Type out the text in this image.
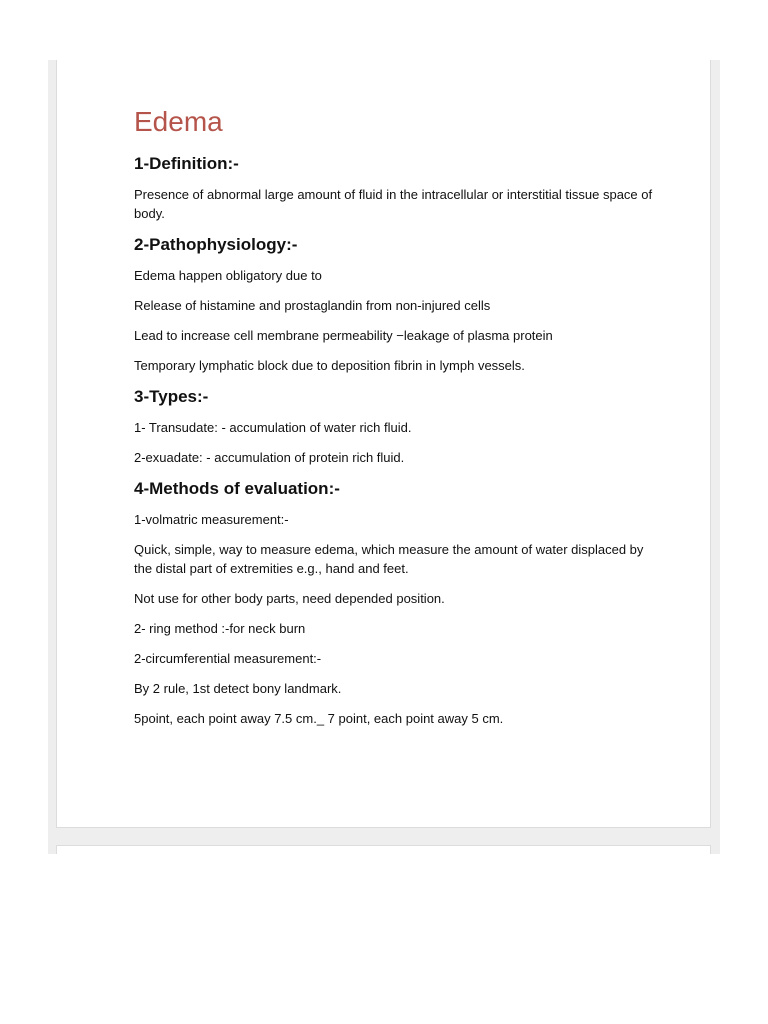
Edema
1-Definition:-

Presence of abnormal large amount of fluid in the intracellular or interstitial tissue space of body.

2-Pathophysiology:-

Edema happen obligatory due to

Release of histamine and prostaglandin from non-injured cells

Lead to increase cell membrane permeability −leakage of plasma protein

Temporary lymphatic block due to deposition fibrin in lymph vessels.

3-Types:-

1- Transudate: - accumulation of water rich fluid.

2-exuadate: - accumulation of protein rich fluid.

4-Methods of evaluation:-

1-volmatric measurement:-

Quick, simple, way to measure edema, which measure the amount of water displaced by the distal part of extremities e.g., hand and feet.

Not use for other body parts, need depended position.

2- ring method :-for neck burn

2-circumferential measurement:-

By 2 rule, 1st detect bony landmark.

5point, each point away 7.5 cm._ 7 point, each point away 5 cm.
